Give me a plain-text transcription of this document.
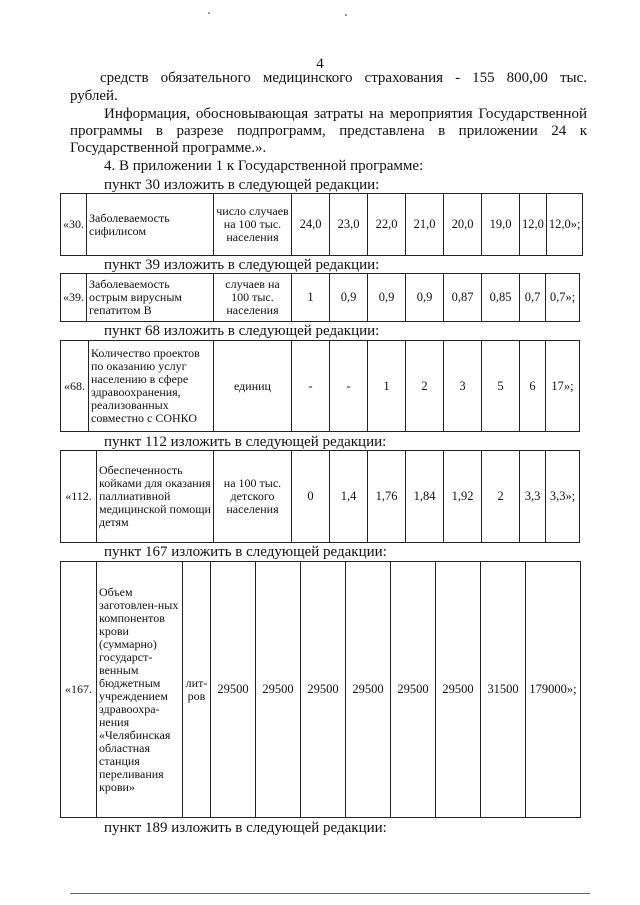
4
средств обязательного медицинского страхования - 155 800,00 тыс.
рублей.
Информация, обосновывающая затраты на мероприятия Государственной программы в разрезе подпрограмм, представлена в приложении 24 к Государственной программе.».
4. В приложении 1 к Государственной программе:
пункт 30 изложить в следующей редакции:
«30.	Заболеваемость сифилисом	число случаев на 100 тыс. населения	24,0	23,0	22,0	21,0	20,0	19,0	12,0	12,0»;
пункт 39 изложить в следующей редакции:
«39.	Заболеваемость острым вирусным гепатитом В	случаев на 100 тыс. населения	1	0,9	0,9	0,9	0,87	0,85	0,7	0,7»;
пункт 68 изложить в следующей редакции:
«68.	Количество проектов по оказанию услуг населению в сфере здравоохранения, реализованных совместно с СОНКО	единиц	-	-	1	2	3	5	6	17»;
пункт 112 изложить в следующей редакции:
«112.	Обеспеченность койками для оказания паллиативной медицинской помощи детям	на 100 тыс. детского населения	0	1,4	1,76	1,84	1,92	2	3,3	3,3»;
пункт 167 изложить в следующей редакции:
«167.	Объем заготовлен-ных компонентов крови (суммарно) государст-венным бюджетным учреждением здравоохра-нения «Челябинская областная станция переливания крови»	лит-ров	29500	29500	29500	29500	29500	29500	31500	179000»;
пункт 189 изложить в следующей редакции:
